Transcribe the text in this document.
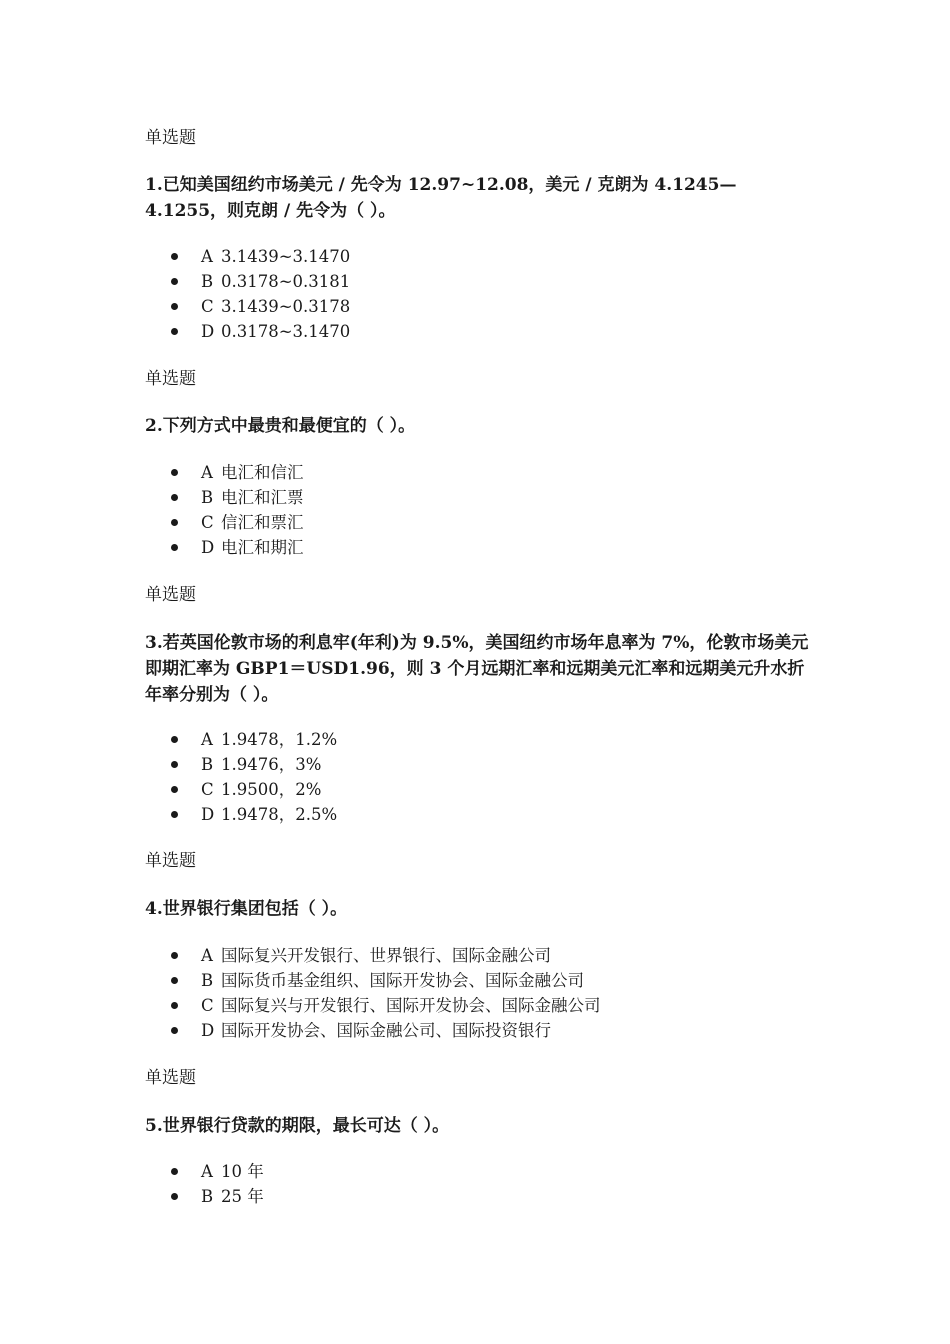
单选题

1.已知美国纽约市场美元 / 先令为 12.97~12.08，美元 / 克朗为 4.1245—4.1255，则克朗 / 先令为（ ）。

A 3.1439~3.1470
B 0.3178~0.3181
C 3.1439~0.3178
D 0.3178~3.1470

单选题

2.下列方式中最贵和最便宜的（ ）。

A 电汇和信汇
B 电汇和汇票
C 信汇和票汇
D 电汇和期汇

单选题

3.若英国伦敦市场的利息牢(年利)为 9.5%，美国纽约市场年息率为 7%，伦敦市场美元即期汇率为 GBP1＝USD1.96，则 3 个月远期汇率和远期美元汇率和远期美元升水折年率分别为（ ）。

A 1.9478，1.2%
B 1.9476，3%
C 1.9500，2%
D 1.9478，2.5%

单选题

4.世界银行集团包括（ ）。

A 国际复兴开发银行、世界银行、国际金融公司
B 国际货币基金组织、国际开发协会、国际金融公司
C 国际复兴与开发银行、国际开发协会、国际金融公司
D 国际开发协会、国际金融公司、国际投资银行

单选题

5.世界银行贷款的期限，最长可达（ ）。

A 10 年
B 25 年
